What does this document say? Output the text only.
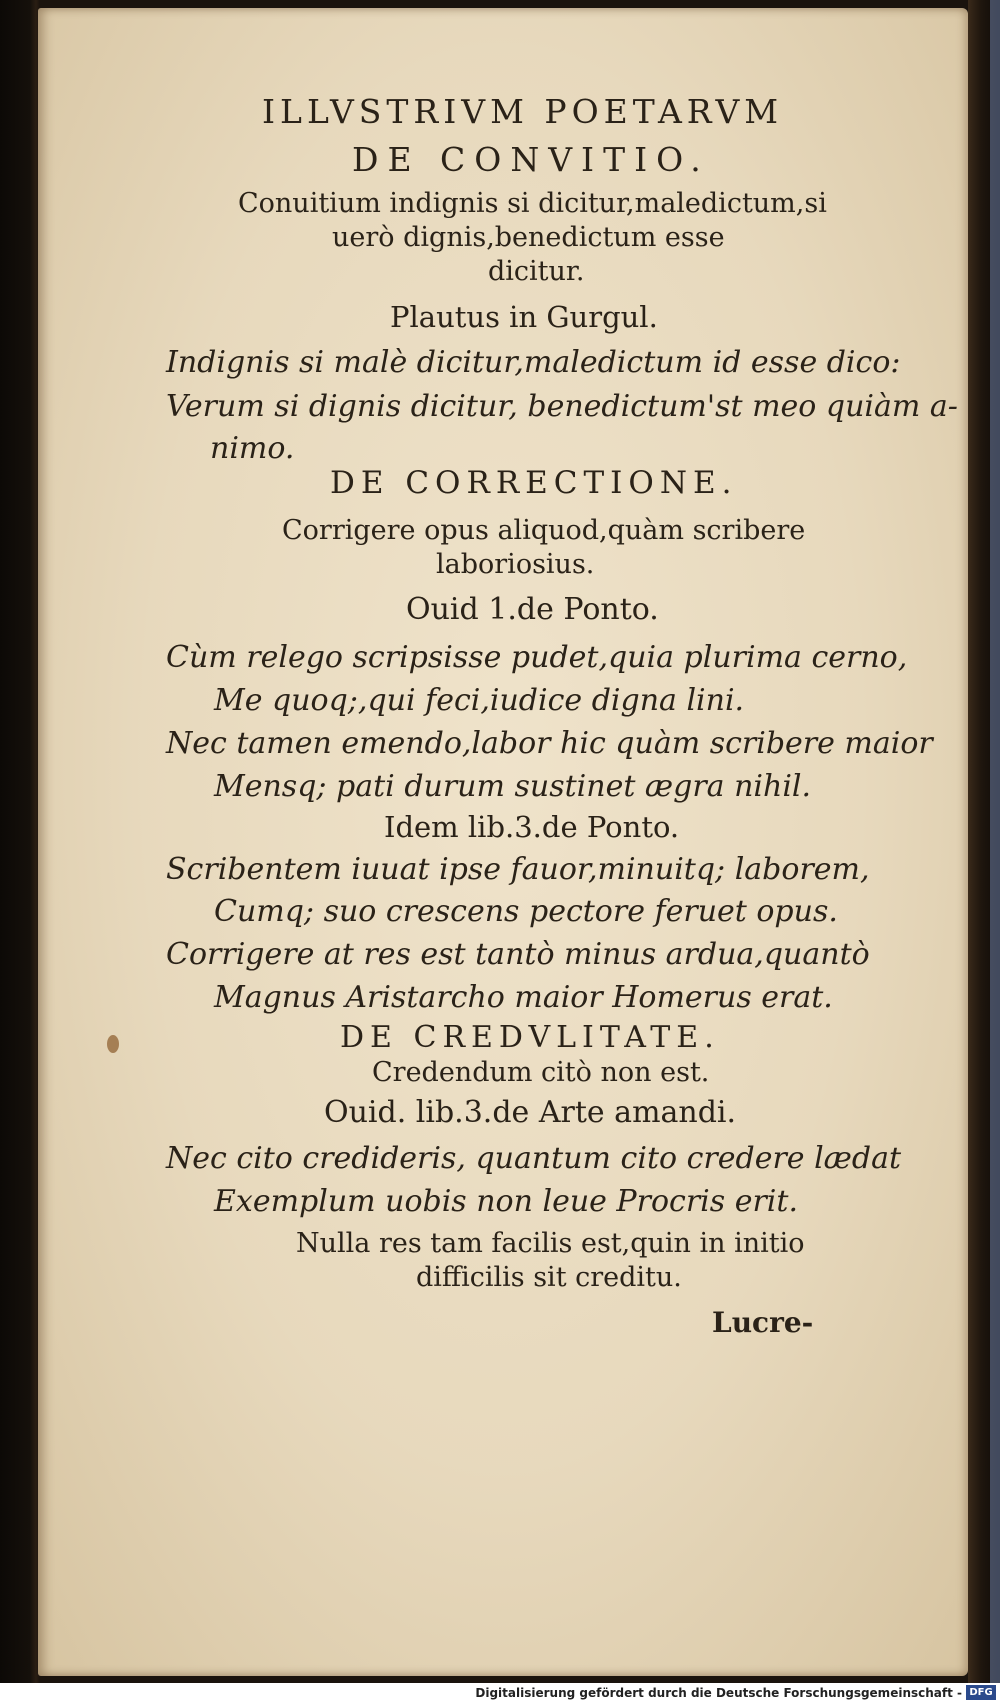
ILLVSTRIVM POETARVM
DE CONVITIO.
Conuitium indignis si dicitur,maledictum,si
uerò dignis,benedictum esse
dicitur.
Plautus in Gurgul.
Indignis si malè dicitur,maledictum id esse dico:
Verum si dignis dicitur, benedictum'st meo quiàm a-
nimo.
DE CORRECTIONE.
Corrigere opus aliquod,quàm scribere
laboriosius.
Ouid 1.de Ponto.
Cùm relego scripsisse pudet,quia plurima cerno,
Me quoq;,qui feci,iudice digna lini.
Nec tamen emendo,labor hic quàm scribere maior
Mensq; pati durum sustinet ægra nihil.
Idem lib.3.de Ponto.
Scribentem iuuat ipse fauor,minuitq; laborem,
Cumq; suo crescens pectore feruet opus.
Corrigere at res est tantò minus ardua,quantò
Magnus Aristarcho maior Homerus erat.
DE CREDVLITATE.
Credendum citò non est.
Ouid. lib.3.de Arte amandi.
Nec cito credideris, quantum cito credere lædat
Exemplum uobis non leue Procris erit.
Nulla res tam facilis est,quin in initio
difficilis sit creditu.
Lucre-
Digitalisierung gefördert durch die Deutsche Forschungsgemeinschaft - DFG
